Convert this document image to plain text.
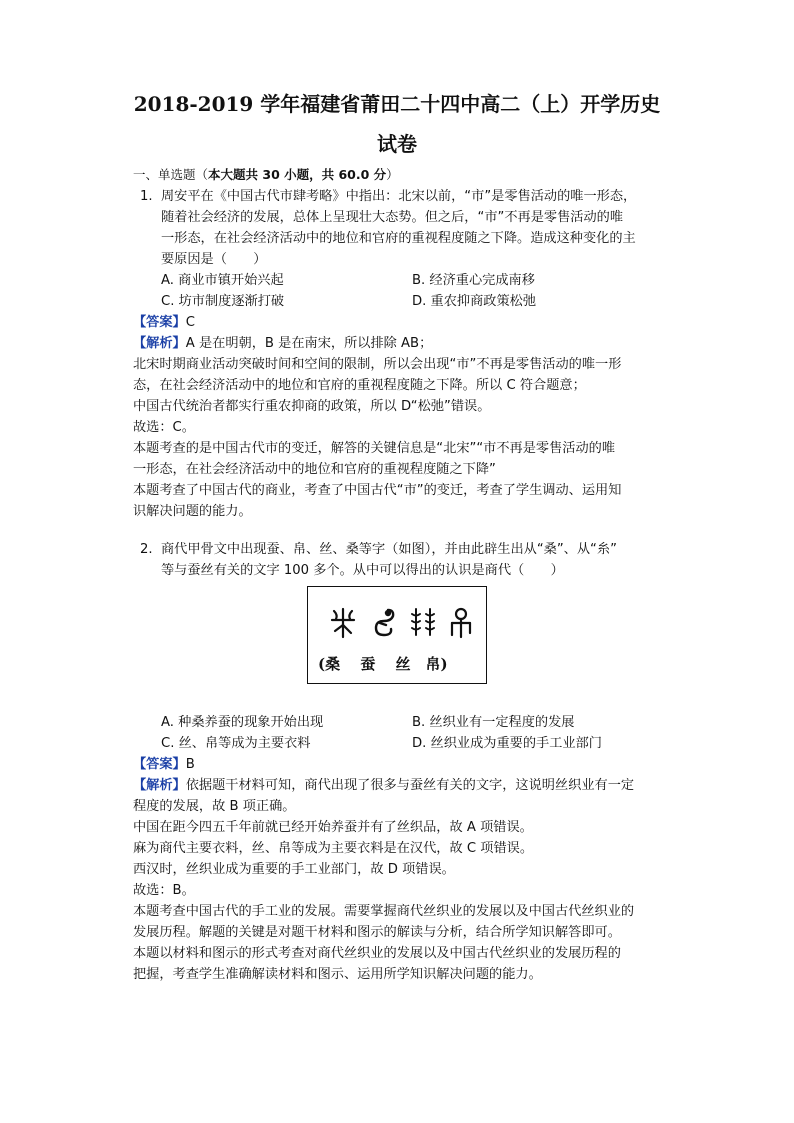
2018-2019 学年福建省莆田二十四中高二（上）开学历史
试卷
一、单选题（本大题共 30 小题，共 60.0 分）
1. 周安平在《中国古代市肆考略》中指出：北宋以前，“市”是零售活动的唯一形态，
随着社会经济的发展，总体上呈现壮大态势。但之后，“市”不再是零售活动的唯
一形态，在社会经济活动中的地位和官府的重视程度随之下降。造成这种变化的主
要原因是（　　）
A. 商业市镇开始兴起	B. 经济重心完成南移
C. 坊市制度逐渐打破	D. 重农抑商政策松弛
【答案】C
【解析】A 是在明朝，B 是在南宋，所以排除 AB；
北宋时期商业活动突破时间和空间的限制，所以会出现“市”不再是零售活动的唯一形
态，在社会经济活动中的地位和官府的重视程度随之下降。所以 C 符合题意；
中国古代统治者都实行重农抑商的政策，所以 D“松弛”错误。
故选：C。
本题考查的是中国古代市的变迁，解答的关键信息是“北宋”“市不再是零售活动的唯
一形态，在社会经济活动中的地位和官府的重视程度随之下降”
本题考查了中国古代的商业，考查了中国古代“市”的变迁，考查了学生调动、运用知
识解决问题的能力。
2. 商代甲骨文中出现蚕、帛、丝、桑等字（如图），并由此辟生出从“桑”、从“糸”
等与蚕丝有关的文字 100 多个。从中可以得出的认识是商代（　　）
(桑　 蚕　 丝　帛)
A. 种桑养蚕的现象开始出现	B. 丝织业有一定程度的发展
C. 丝、帛等成为主要衣料	D. 丝织业成为重要的手工业部门
【答案】B
【解析】依据题干材料可知，商代出现了很多与蚕丝有关的文字，这说明丝织业有一定
程度的发展，故 B 项正确。
中国在距今四五千年前就已经开始养蚕并有了丝织品，故 A 项错误。
麻为商代主要衣料，丝、帛等成为主要衣料是在汉代，故 C 项错误。
西汉时，丝织业成为重要的手工业部门，故 D 项错误。
故选：B。
本题考查中国古代的手工业的发展。需要掌握商代丝织业的发展以及中国古代丝织业的
发展历程。解题的关键是对题干材料和图示的解读与分析，结合所学知识解答即可。
本题以材料和图示的形式考查对商代丝织业的发展以及中国古代丝织业的发展历程的
把握，考查学生准确解读材料和图示、运用所学知识解决问题的能力。
